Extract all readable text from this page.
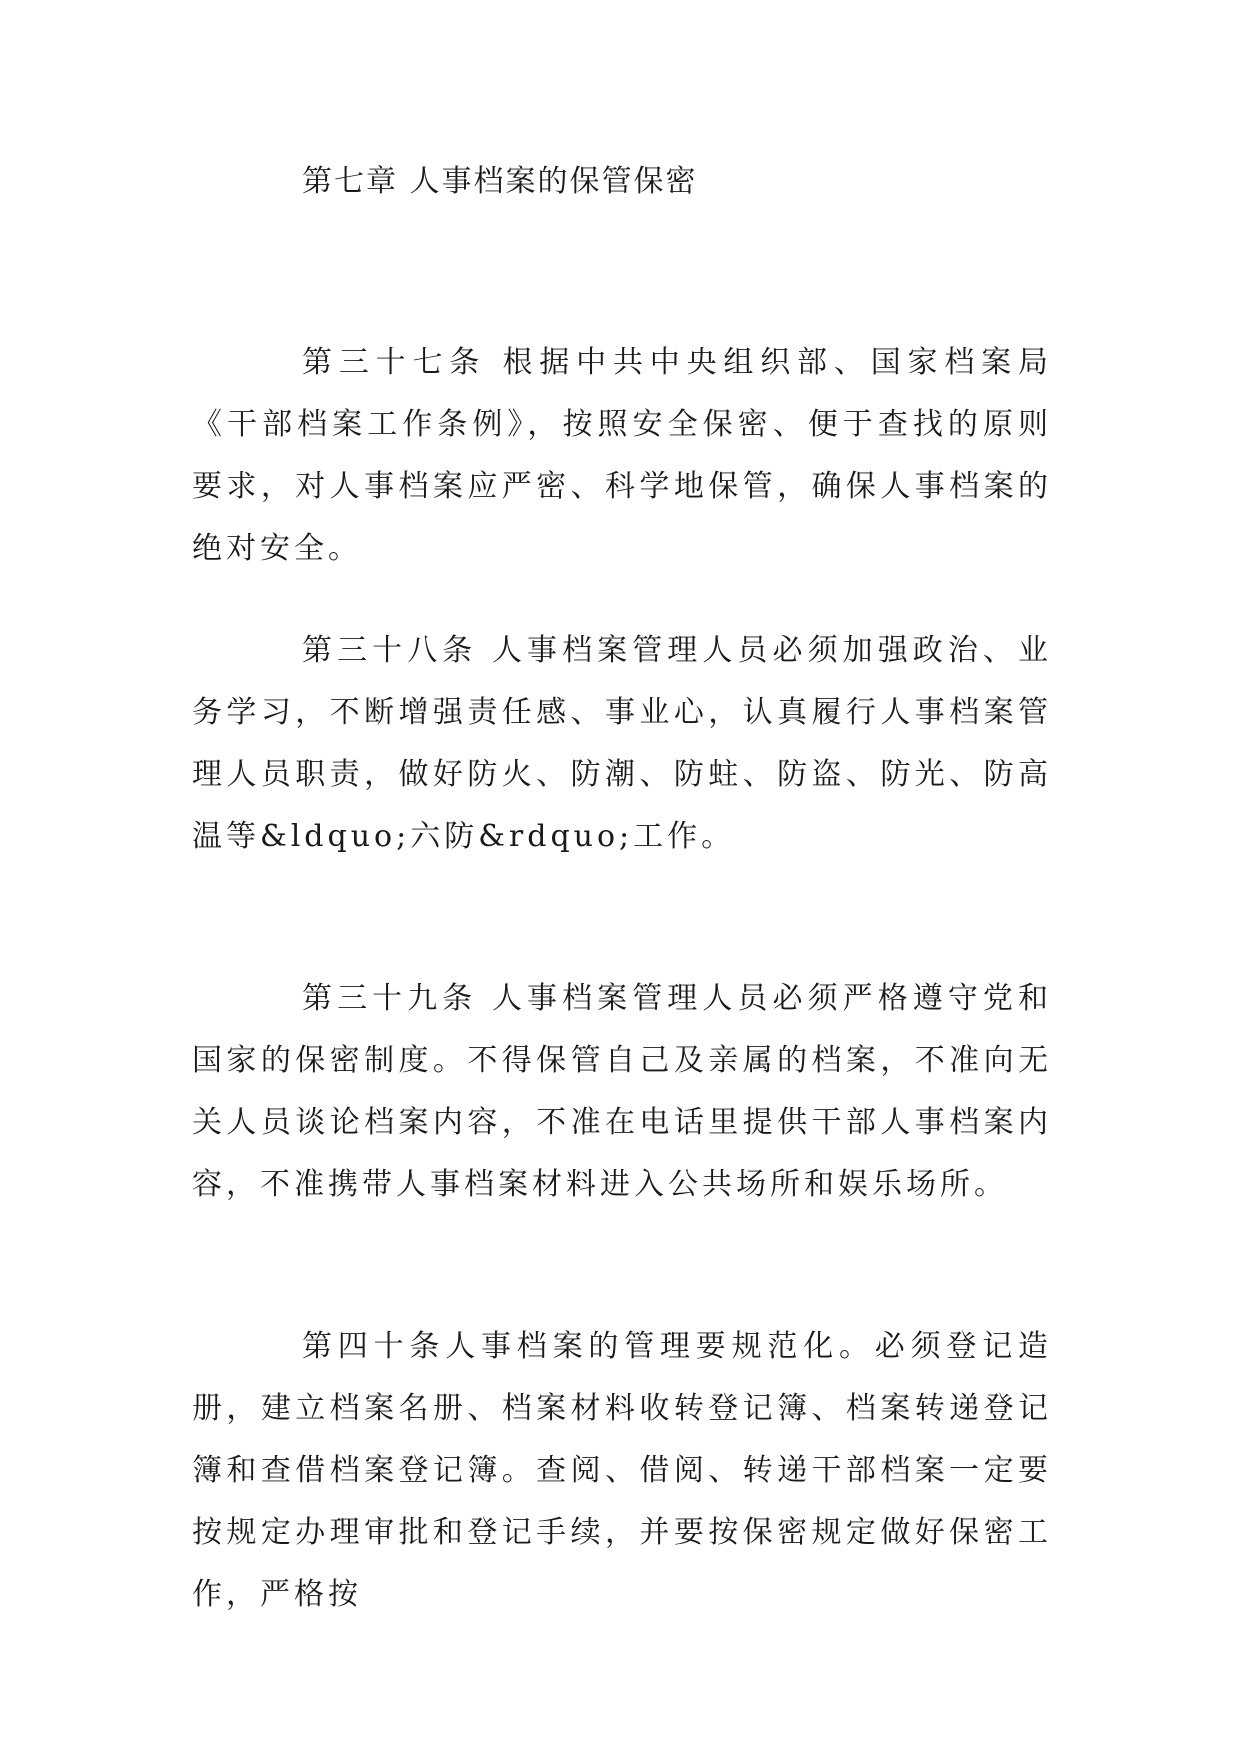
第七章 人事档案的保管保密

第三十七条 根据中共中央组织部、国家档案局《干部档案工作条例》，按照安全保密、便于查找的原则要求，对人事档案应严密、科学地保管，确保人事档案的绝对安全。

第三十八条 人事档案管理人员必须加强政治、业务学习，不断增强责任感、事业心，认真履行人事档案管理人员职责，做好防火、防潮、防蛀、防盗、防光、防高温等&ldquo;六防&rdquo;工作。

第三十九条 人事档案管理人员必须严格遵守党和国家的保密制度。不得保管自己及亲属的档案，不准向无关人员谈论档案内容，不准在电话里提供干部人事档案内容，不准携带人事档案材料进入公共场所和娱乐场所。

第四十条人事档案的管理要规范化。必须登记造册，建立档案名册、档案材料收转登记簿、档案转递登记簿和查借档案登记簿。查阅、借阅、转递干部档案一定要按规定办理审批和登记手续，并要按保密规定做好保密工作，严格按
